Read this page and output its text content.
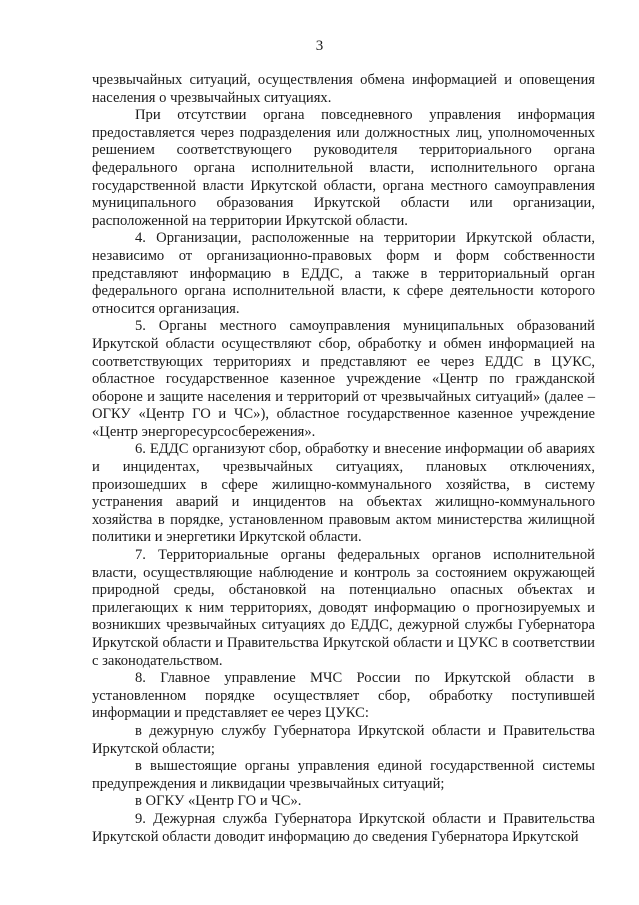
3

чрезвычайных ситуаций, осуществления обмена информацией и оповещения населения о чрезвычайных ситуациях.

При отсутствии органа повседневного управления информация предоставляется через подразделения или должностных лиц, уполномоченных решением соответствующего руководителя территориального органа федерального органа исполнительной власти, исполнительного органа государственной власти Иркутской области, органа местного самоуправления муниципального образования Иркутской области или организации, расположенной на территории Иркутской области.

4. Организации, расположенные на территории Иркутской области, независимо от организационно-правовых форм и форм собственности представляют информацию в ЕДДС, а также в территориальный орган федерального органа исполнительной власти, к сфере деятельности которого относится организация.

5. Органы местного самоуправления муниципальных образований Иркутской области осуществляют сбор, обработку и обмен информацией на соответствующих территориях и представляют ее через ЕДДС в ЦУКС, областное государственное казенное учреждение «Центр по гражданской обороне и защите населения и территорий от чрезвычайных ситуаций» (далее – ОГКУ «Центр ГО и ЧС»), областное государственное казенное учреждение «Центр энергоресурсосбережения».

6. ЕДДС организуют сбор, обработку и внесение информации об авариях и инцидентах, чрезвычайных ситуациях, плановых отключениях, произошедших в сфере жилищно-коммунального хозяйства, в систему устранения аварий и инцидентов на объектах жилищно-коммунального хозяйства в порядке, установленном правовым актом министерства жилищной политики и энергетики Иркутской области.

7. Территориальные органы федеральных органов исполнительной власти, осуществляющие наблюдение и контроль за состоянием окружающей природной среды, обстановкой на потенциально опасных объектах и прилегающих к ним территориях, доводят информацию о прогнозируемых и возникших чрезвычайных ситуациях до ЕДДС, дежурной службы Губернатора Иркутской области и Правительства Иркутской области и ЦУКС в соответствии с законодательством.

8. Главное управление МЧС России по Иркутской области в установленном порядке осуществляет сбор, обработку поступившей информации и представляет ее через ЦУКС:

в дежурную службу Губернатора Иркутской области и Правительства Иркутской области;

в вышестоящие органы управления единой государственной системы предупреждения и ликвидации чрезвычайных ситуаций;

в ОГКУ «Центр ГО и ЧС».

9. Дежурная служба Губернатора Иркутской области и Правительства Иркутской области доводит информацию до сведения Губернатора Иркутской
